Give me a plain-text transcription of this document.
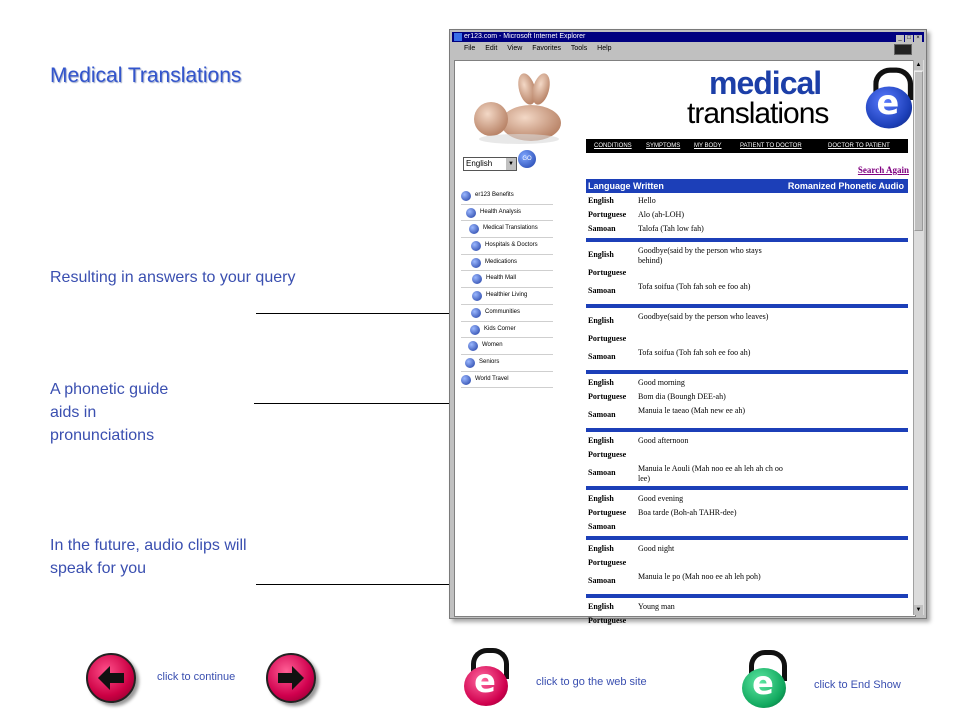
Medical Translations
Resulting in answers to your query
A phonetic guide aids in pronunciations
In the future, audio clips will speak for you
er123.com - Microsoft Internet Explorer	_ □ ×
File Edit View Favorites Tools Help
English	▼
GO
er123 Benefits
Health Analysis
Medical Translations
Hospitals & Doctors
Medications
Health Mall
Healthier Living
Communities
Kids Corner
Women
Seniors
World Travel
medical
translations	e
CONDITIONS SYMPTOMS MY BODY	PATIENT TO DOCTOR	DOCTOR TO PATIENT
Search Again
Language Written	Romanized Phonetic Audio
English	Hello
Portuguese Alo (ah-LOH)
Samoan	Talofa (Tah low fah)
English	Goodbye(said by the person who stays behind)
Portuguese
Samoan	Tofa soifua (Toh fah soh ee foo ah)
English	Goodbye(said by the person who leaves)
Portuguese
Samoan	Tofa soifua (Toh fah soh ee foo ah)
English	Good morning
Portuguese Bom dia (Boungh DEE-ah)
Samoan	Manuia le taeao (Mah new ee ah)
English	Good afternoon
Portuguese
Samoan	Manuia le Aouli (Mah noo ee ah leh ah ch oo lee)
English	Good evening
Portuguese Boa tarde (Boh-ah TAHR-dee)
Samoan
English	Good night
Portuguese
Samoan	Manuia le po (Mah noo ee ah leh poh)
English	Young man
Portuguese
▲
▼
click to continue	e	click to go the web site	e	click to End Show
